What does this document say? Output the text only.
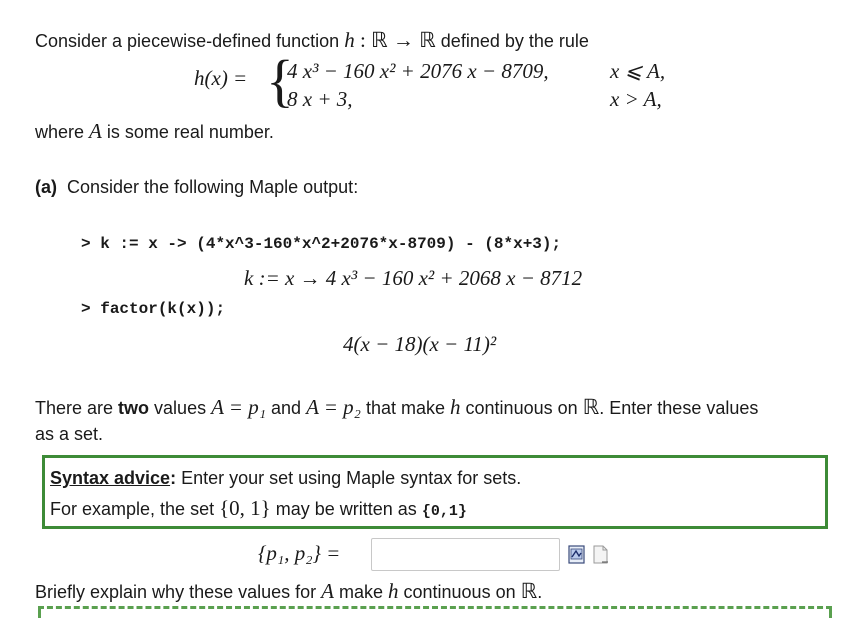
Consider a piecewise-defined function h : ℝ → ℝ defined by the rule
h(x) = {
4 x³ − 160 x² + 2076 x − 8709,	x ⩽ A,
8 x + 3,	x > A,
where A is some real number.
(a) Consider the following Maple output:
> k := x -> (4*x^3-160*x^2+2076*x-8709) - (8*x+3);
k := x → 4 x³ − 160 x² + 2068 x − 8712
> factor(k(x));
4(x − 18)(x − 11)²
There are two values A = p₁ and A = p₂ that make h continuous on ℝ. Enter these values
as a set.
Syntax advice: Enter your set using Maple syntax for sets.
For example, the set {0, 1} may be written as {0,1}
{p₁, p₂} =
Briefly explain why these values for A make h continuous on ℝ.
